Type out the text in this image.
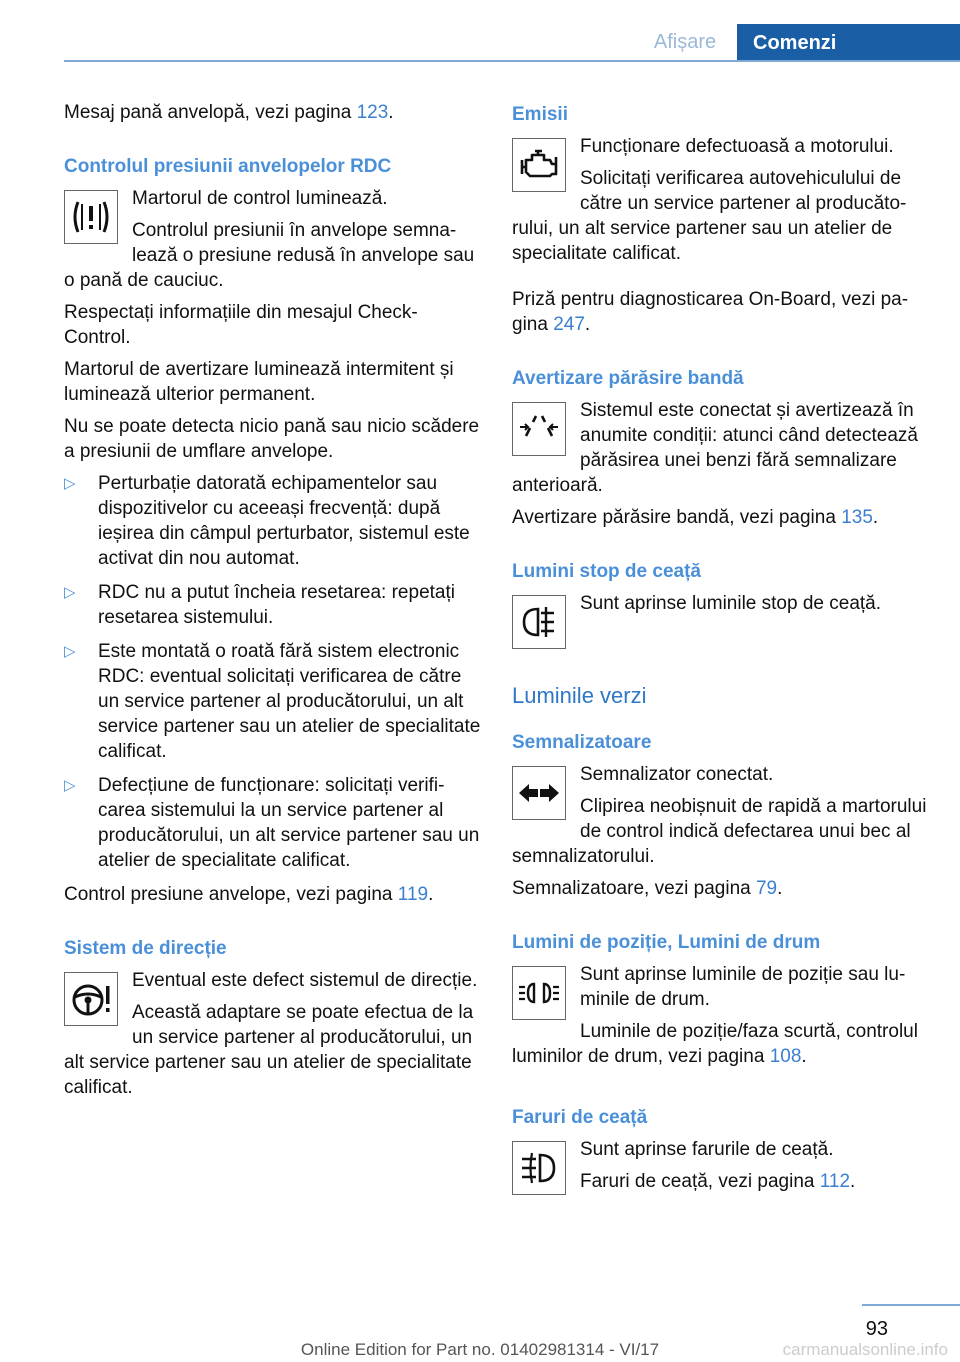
Afișare	Comenzi

Mesaj pană anvelopă, vezi pagina 123.

Controlul presiunii anvelopelor RDC

Martorul de control luminează.

Controlul presiunii în anvelope semnalează o presiune redusă în anvelope sau o pană de cauciuc.

Respectați informațiile din mesajul Check-Control.

Martorul de avertizare luminează intermitent și luminează ulterior permanent.

Nu se poate detecta nicio pană sau nicio scădere a presiunii de umflare anvelope.

▷ Perturbație datorată echipamentelor sau dispozitivelor cu aceeași frecvență: după ieșirea din câmpul perturbator, sistemul este activat din nou automat.
▷ RDC nu a putut încheia resetarea: repetați resetarea sistemului.
▷ Este montată o roată fără sistem electronic RDC: eventual solicitați verificarea de către un service partener al producătorului, un alt service partener sau un atelier de specialitate calificat.
▷ Defecțiune de funcționare: solicitați verificarea sistemului la un service partener al producătorului, un alt service partener sau un atelier de specialitate calificat.

Control presiune anvelope, vezi pagina 119.

Sistem de direcție

Eventual este defect sistemul de direcție.

Această adaptare se poate efectua de la un service partener al producătorului, un alt service partener sau un atelier de specialitate calificat.

Emisii

Funcționare defectuoasă a motorului.

Solicitați verificarea autovehiculului de către un service partener al producătorului, un alt service partener sau un atelier de specialitate calificat.

Priză pentru diagnosticarea On-Board, vezi pagina 247.

Avertizare părăsire bandă

Sistemul este conectat și avertizează în anumite condiții: atunci când detectează părăsirea unei benzi fără semnalizare anterioară.

Avertizare părăsire bandă, vezi pagina 135.

Lumini stop de ceață

Sunt aprinse luminile stop de ceață.

Luminile verzi
Semnalizatoare

Semnalizator conectat.

Clipirea neobișnuit de rapidă a martorului de control indică defectarea unui bec al semnalizatorului.

Semnalizatoare, vezi pagina 79.

Lumini de poziție, Lumini de drum

Sunt aprinse luminile de poziție sau luminile de drum.

Luminile de poziție/faza scurtă, controlul luminilor de drum, vezi pagina 108.

Faruri de ceață

Sunt aprinse farurile de ceață.

Faruri de ceață, vezi pagina 112.

93
Online Edition for Part no. 01402981314 - VI/17	carmanualsonline.info
